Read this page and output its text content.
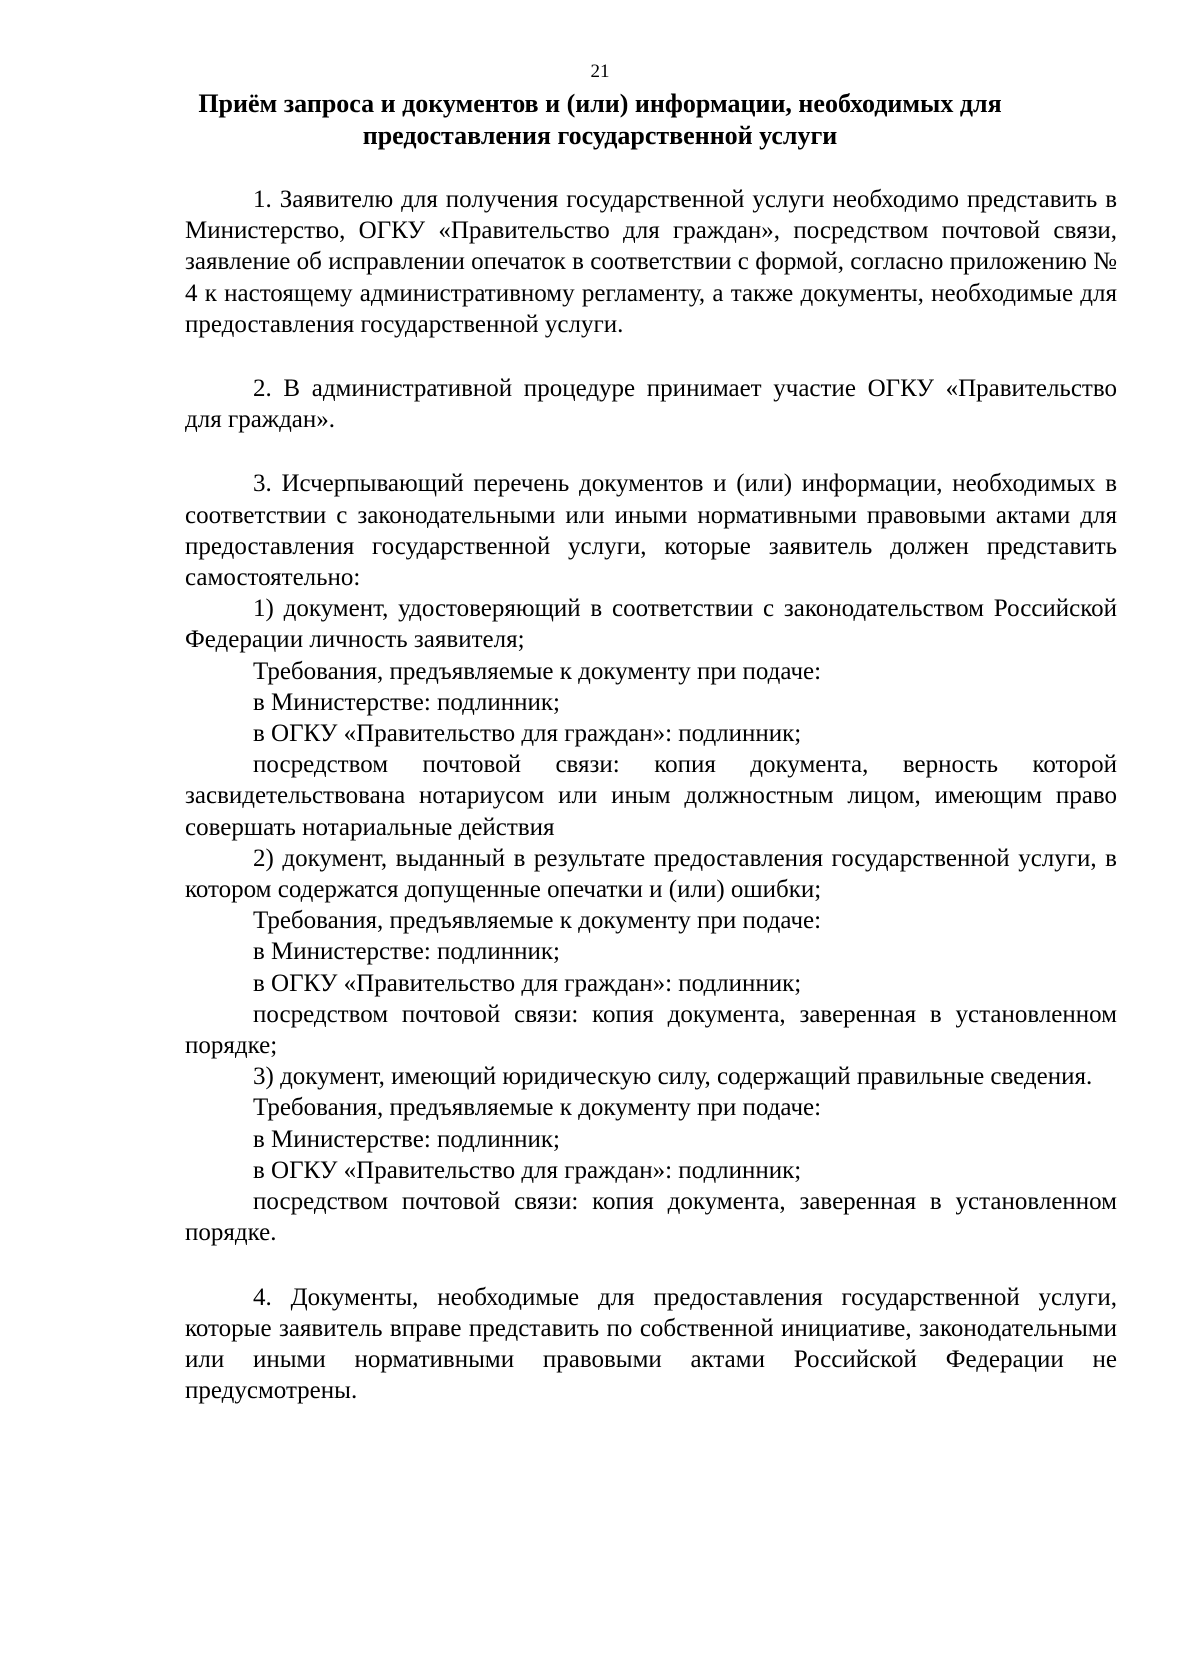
21
Приём запроса и документов и (или) информации, необходимых для предоставления государственной услуги

1. Заявителю для получения государственной услуги необходимо представить в Министерство, ОГКУ «Правительство для граждан», посредством почтовой связи, заявление об исправлении опечаток в соответствии с формой, согласно приложению № 4 к настоящему административному регламенту, а также документы, необходимые для предоставления государственной услуги.

2. В административной процедуре принимает участие ОГКУ «Правительство для граждан».

3. Исчерпывающий перечень документов и (или) информации, необходимых в соответствии с законодательными или иными нормативными правовыми актами для предоставления государственной услуги, которые заявитель должен представить самостоятельно:

1) документ, удостоверяющий в соответствии с законодательством Российской Федерации личность заявителя;

Требования, предъявляемые к документу при подаче:

в Министерстве: подлинник;

в ОГКУ «Правительство для граждан»: подлинник;

посредством почтовой связи: копия документа, верность которой засвидетельствована нотариусом или иным должностным лицом, имеющим право совершать нотариальные действия

2) документ, выданный в результате предоставления государственной услуги, в котором содержатся допущенные опечатки и (или) ошибки;

Требования, предъявляемые к документу при подаче:

в Министерстве: подлинник;

в ОГКУ «Правительство для граждан»: подлинник;

посредством почтовой связи: копия документа, заверенная в установленном порядке;

3) документ, имеющий юридическую силу, содержащий правильные сведения.

Требования, предъявляемые к документу при подаче:

в Министерстве: подлинник;

в ОГКУ «Правительство для граждан»: подлинник;

посредством почтовой связи: копия документа, заверенная в установленном порядке.

4. Документы, необходимые для предоставления государственной услуги, которые заявитель вправе представить по собственной инициативе, законодательными или иными нормативными правовыми актами Российской Федерации не предусмотрены.
